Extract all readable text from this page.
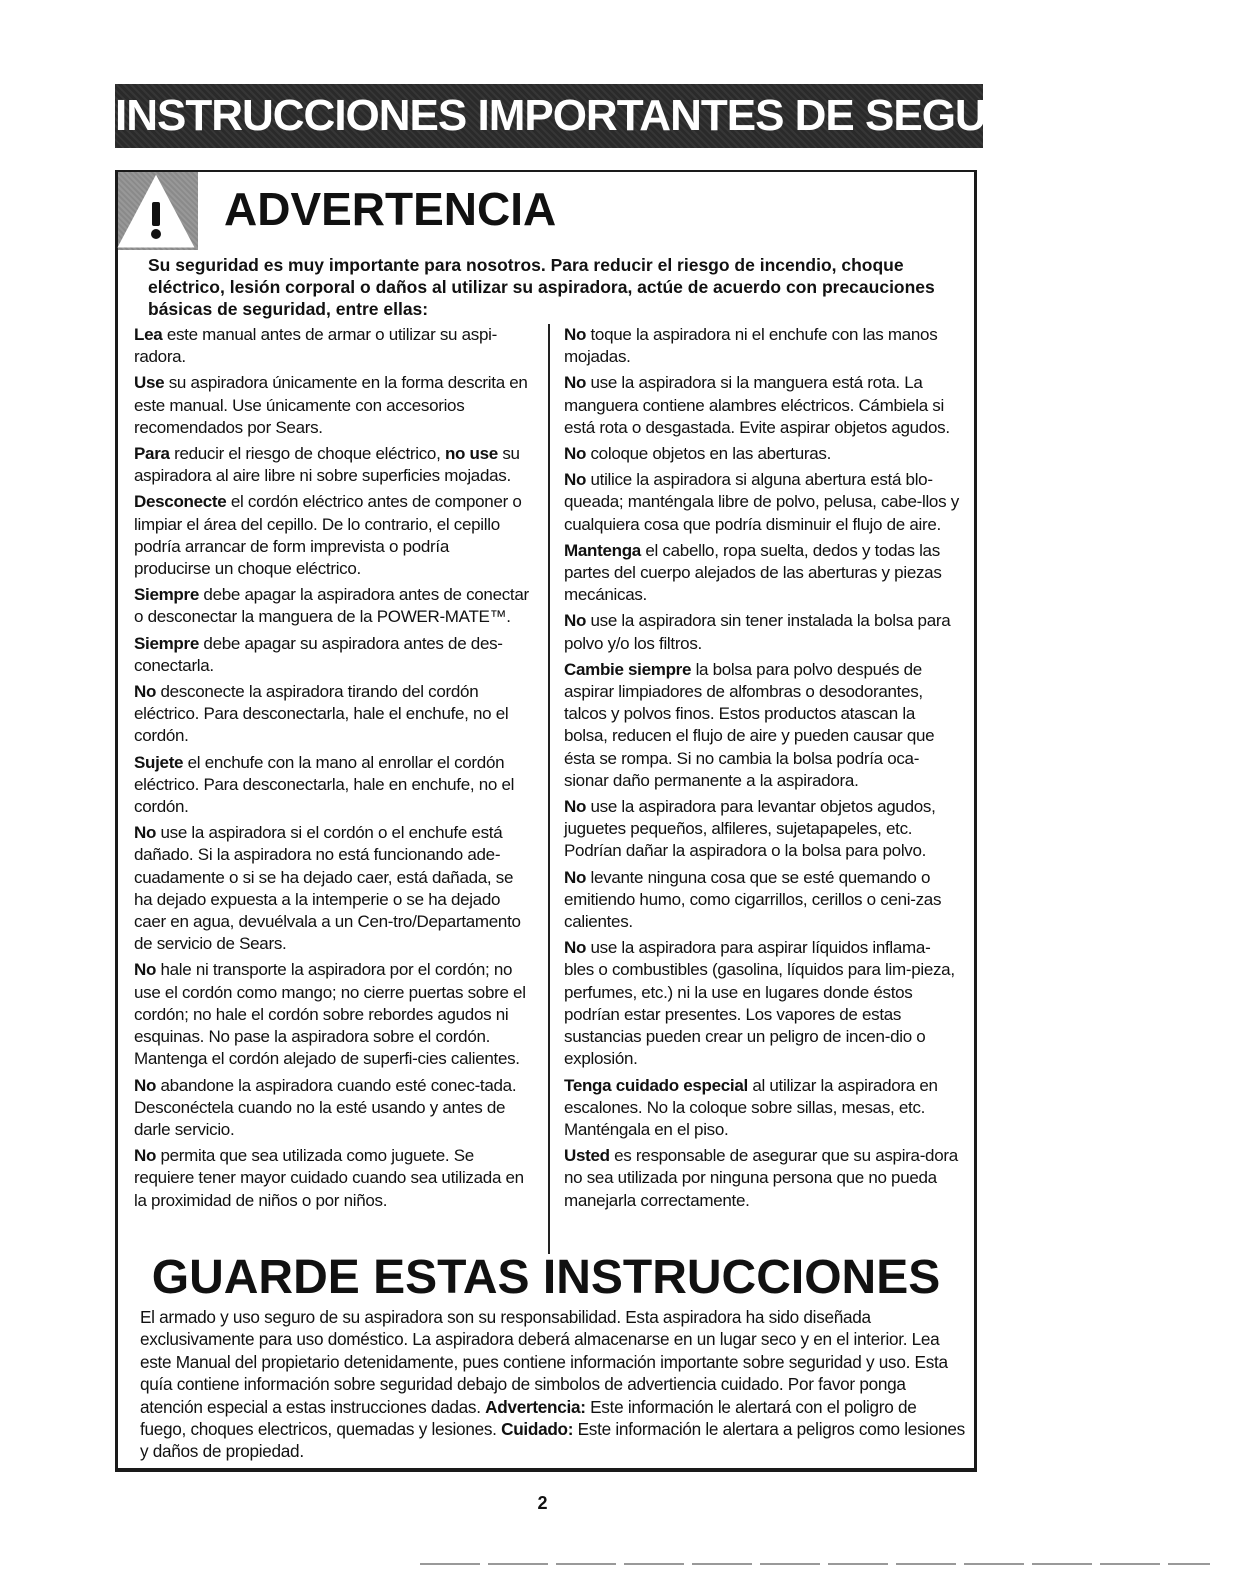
INSTRUCCIONES IMPORTANTES DE SEGURIDAD
ADVERTENCIA
Su seguridad es muy importante para nosotros. Para reducir el riesgo de incendio, choque eléctrico, lesión corporal o daños al utilizar su aspiradora, actúe de acuerdo con precauciones básicas de seguridad, entre ellas:

Lea este manual antes de armar o utilizar su aspi-radora.

Use su aspiradora únicamente en la forma descrita en este manual. Use únicamente con accesorios recomendados por Sears.

Para reducir el riesgo de choque eléctrico, no use su aspiradora al aire libre ni sobre superficies mojadas.

Desconecte el cordón eléctrico antes de componer o limpiar el área del cepillo. De lo contrario, el cepillo podría arrancar de form imprevista o podría producirse un choque eléctrico.

Siempre debe apagar la aspiradora antes de conectar o desconectar la manguera de la POWER-MATE™.

Siempre debe apagar su aspiradora antes de des-conectarla.

No desconecte la aspiradora tirando del cordón eléctrico. Para desconectarla, hale el enchufe, no el cordón.

Sujete el enchufe con la mano al enrollar el cordón eléctrico. Para desconectarla, hale en enchufe, no el cordón.

No use la aspiradora si el cordón o el enchufe está dañado. Si la aspiradora no está funcionando ade-cuadamente o si se ha dejado caer, está dañada, se ha dejado expuesta a la intemperie o se ha dejado caer en agua, devuélvala a un Cen-tro/Departamento de servicio de Sears.

No hale ni transporte la aspiradora por el cordón; no use el cordón como mango; no cierre puertas sobre el cordón; no hale el cordón sobre rebordes agudos ni esquinas. No pase la aspiradora sobre el cordón. Mantenga el cordón alejado de superfi-cies calientes.

No abandone la aspiradora cuando esté conec-tada. Desconéctela cuando no la esté usando y antes de darle servicio.

No permita que sea utilizada como juguete. Se requiere tener mayor cuidado cuando sea utilizada en la proximidad de niños o por niños.

No toque la aspiradora ni el enchufe con las manos mojadas.

No use la aspiradora si la manguera está rota. La manguera contiene alambres eléctricos. Cámbiela si está rota o desgastada. Evite aspirar objetos agudos.

No coloque objetos en las aberturas.

No utilice la aspiradora si alguna abertura está blo-queada; manténgala libre de polvo, pelusa, cabe-llos y cualquiera cosa que podría disminuir el flujo de aire.

Mantenga el cabello, ropa suelta, dedos y todas las partes del cuerpo alejados de las aberturas y piezas mecánicas.

No use la aspiradora sin tener instalada la bolsa para polvo y/o los filtros.

Cambie siempre la bolsa para polvo después de aspirar limpiadores de alfombras o desodorantes, talcos y polvos finos. Estos productos atascan la bolsa, reducen el flujo de aire y pueden causar que ésta se rompa. Si no cambia la bolsa podría oca-sionar daño permanente a la aspiradora.

No use la aspiradora para levantar objetos agudos, juguetes pequeños, alfileres, sujetapapeles, etc. Podrían dañar la aspiradora o la bolsa para polvo.

No levante ninguna cosa que se esté quemando o emitiendo humo, como cigarrillos, cerillos o ceni-zas calientes.

No use la aspiradora para aspirar líquidos inflama-bles o combustibles (gasolina, líquidos para lim-pieza, perfumes, etc.) ni la use en lugares donde éstos podrían estar presentes. Los vapores de estas sustancias pueden crear un peligro de incen-dio o explosión.

Tenga cuidado especial al utilizar la aspiradora en escalones. No la coloque sobre sillas, mesas, etc. Manténgala en el piso.

Usted es responsable de asegurar que su aspira-dora no sea utilizada por ninguna persona que no pueda manejarla correctamente.

GUARDE ESTAS INSTRUCCIONES
El armado y uso seguro de su aspiradora son su responsabilidad. Esta aspiradora ha sido diseñada exclusivamente para uso doméstico. La aspiradora deberá almacenarse en un lugar seco y en el interior. Lea este Manual del propietario detenidamente, pues contiene información importante sobre seguridad y uso. Esta quía contiene información sobre seguridad debajo de simbolos de advertiencia cuidado. Por favor ponga atención especial a estas instrucciones dadas. Advertencia: Este información le alertará con el poligro de fuego, choques electricos, quemadas y lesiones. Cuidado: Este información le alertara a peligros como lesiones y daños de propiedad.
2
